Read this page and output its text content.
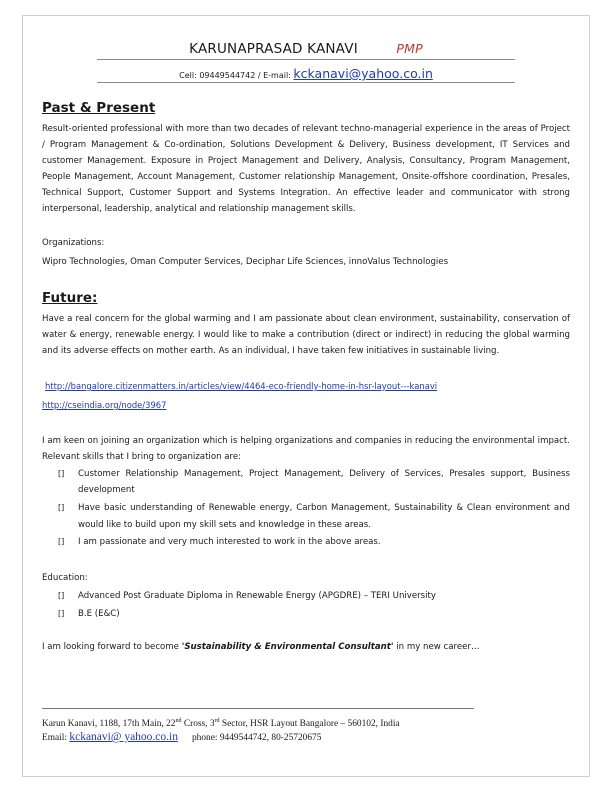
KARUNAPRASAD KANAVI	PMP
Cell: 09449544742 / E-mail: kckanavi@yahoo.co.in
Past & Present
Result-oriented professional with more than two decades of relevant techno-managerial experience in the areas of Project / Program Management & Co-ordination, Solutions Development & Delivery, Business development, IT Services and customer Management. Exposure in Project Management and Delivery, Analysis, Consultancy, Program Management, People Management, Account Management, Customer relationship Management, Onsite-offshore coordination, Presales, Technical Support, Customer Support and Systems Integration. An effective leader and communicator with strong interpersonal, leadership, analytical and relationship management skills.
Organizations:
Wipro Technologies, Oman Computer Services, Deciphar Life Sciences, innoValus Technologies
Future:
Have a real concern for the global warming and I am passionate about clean environment, sustainability, conservation of water & energy, renewable energy. I would like to make a contribution (direct or indirect) in reducing the global warming and its adverse effects on mother earth. As an individual, I have taken few initiatives in sustainable living.
http://bangalore.citizenmatters.in/articles/view/4464-eco-friendly-home-in-hsr-layout---kanavi
http://cseindia.org/node/3967
I am keen on joining an organization which is helping organizations and companies in reducing the environmental impact. Relevant skills that I bring to organization are:
[] Customer Relationship Management, Project Management, Delivery of Services, Presales support, Business development
[] Have basic understanding of Renewable energy, Carbon Management, Sustainability & Clean environment and would like to build upon my skill sets and knowledge in these areas.
[] I am passionate and very much interested to work in the above areas.
Education:
[] Advanced Post Graduate Diploma in Renewable Energy (APGDRE) – TERI University
[] B.E (E&C)
I am looking forward to become 'Sustainability & Environmental Consultant' in my new career…
Karun Kanavi, 1188, 17th Main, 22nd Cross, 3rd Sector, HSR Layout Bangalore – 560102, India
Email: kckanavi@ yahoo.co.in phone: 9449544742, 80-25720675
